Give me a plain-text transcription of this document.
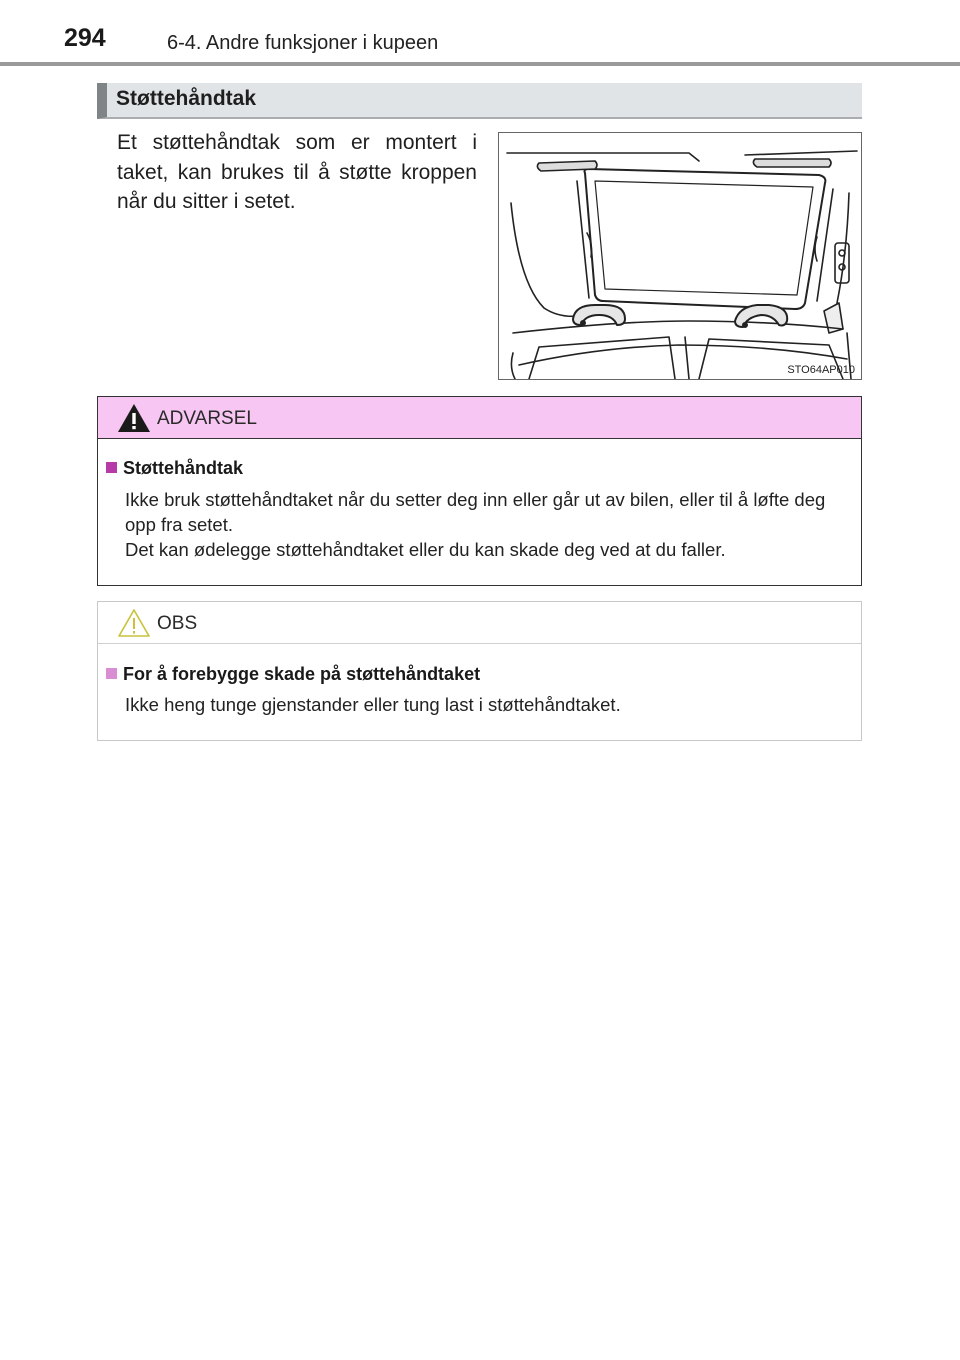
294	6-4. Andre funksjoner i kupeen
Støttehåndtak
Et støttehåndtak som er montert i taket, kan brukes til å støtte kroppen når du sitter i setet.
STO64AP010
ADVARSEL
Støttehåndtak

Ikke bruk støttehåndtaket når du setter deg inn eller går ut av bilen, eller til å løfte deg opp fra setet.

Det kan ødelegge støttehåndtaket eller du kan skade deg ved at du faller.

OBS
For å forebygge skade på støttehåndtaket

Ikke heng tunge gjenstander eller tung last i støttehåndtaket.
